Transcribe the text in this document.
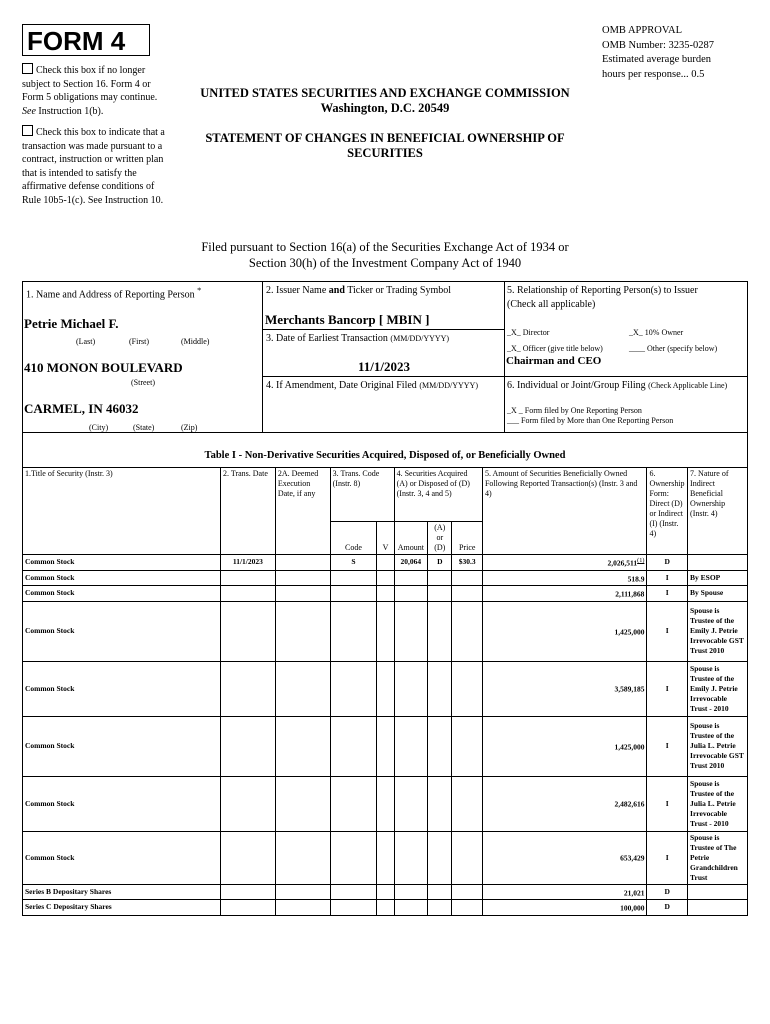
FORM 4	OMB APPROVAL
OMB Number: 3235-0287
Estimated average burden
hours per response... 0.5
Check this box if no longer subject to Section 16. Form 4 or Form 5 obligations may continue. See Instruction 1(b).
Check this box to indicate that a transaction was made pursuant to a contract, instruction or written plan that is intended to satisfy the affirmative defense conditions of Rule 10b5-1(c). See Instruction 10.
UNITED STATES SECURITIES AND EXCHANGE COMMISSION
Washington, D.C. 20549
STATEMENT OF CHANGES IN BENEFICIAL OWNERSHIP OF SECURITIES
Filed pursuant to Section 16(a) of the Securities Exchange Act of 1934 or
Section 30(h) of the Investment Company Act of 1940
1. Name and Address of Reporting Person *
Petrie Michael F.
(Last)	(First)	(Middle)
410 MONON BOULEVARD
(Street)
CARMEL, IN 46032
(City)	(State)	(Zip)
2. Issuer Name and Ticker or Trading Symbol
Merchants Bancorp [ MBIN ]
3. Date of Earliest Transaction (MM/DD/YYYY)
11/1/2023
4. If Amendment, Date Original Filed (MM/DD/YYYY)
5. Relationship of Reporting Person(s) to Issuer
(Check all applicable)
_X_ Director	_X_ 10% Owner
_X_ Officer (give title below)	____ Other (specify below)
Chairman and CEO
6. Individual or Joint/Group Filing (Check Applicable Line)
_X _ Form filed by One Reporting Person
___ Form filed by More than One Reporting Person
Table I - Non-Derivative Securities Acquired, Disposed of, or Beneficially Owned
1.Title of Security (Instr. 3)	2. Trans. Date	2A. Deemed Execution Date, if any	3. Trans. Code (Instr. 8)		4. Securities Acquired (A) or Disposed of (D) (Instr. 3, 4 and 5)			5. Amount of Securities Beneficially Owned Following Reported Transaction(s) (Instr. 3 and 4)	6. Ownership Form: Direct (D) or Indirect (I) (Instr. 4)	7. Nature of Indirect Beneficial Ownership (Instr. 4)
			Code	V	Amount	(A) or (D)	Price			
Common Stock	11/1/2023		S		20,064	D	$30.3	2,026,511$^{(1)}$	D	
Common Stock								518.9	I	By ESOP
Common Stock								2,111,868	I	By Spouse
Common Stock								1,425,000	I	Spouse is Trustee of the Emily J. Petrie Irrevocable GST Trust 2010
Common Stock								3,589,185	I	Spouse is Trustee of the Emily J. Petrie Irrevocable Trust - 2010
Common Stock								1,425,000	I	Spouse is Trustee of the Julia L. Petrie Irrevocable GST Trust 2010
Common Stock								2,482,616	I	Spouse is Trustee of the Julia L. Petrie Irrevocable Trust - 2010
Common Stock								653,429	I	Spouse is Trustee of The Petrie Grandchildren Trust
Series B Depositary Shares								21,021	D	
Series C Depositary Shares								100,000	D	
